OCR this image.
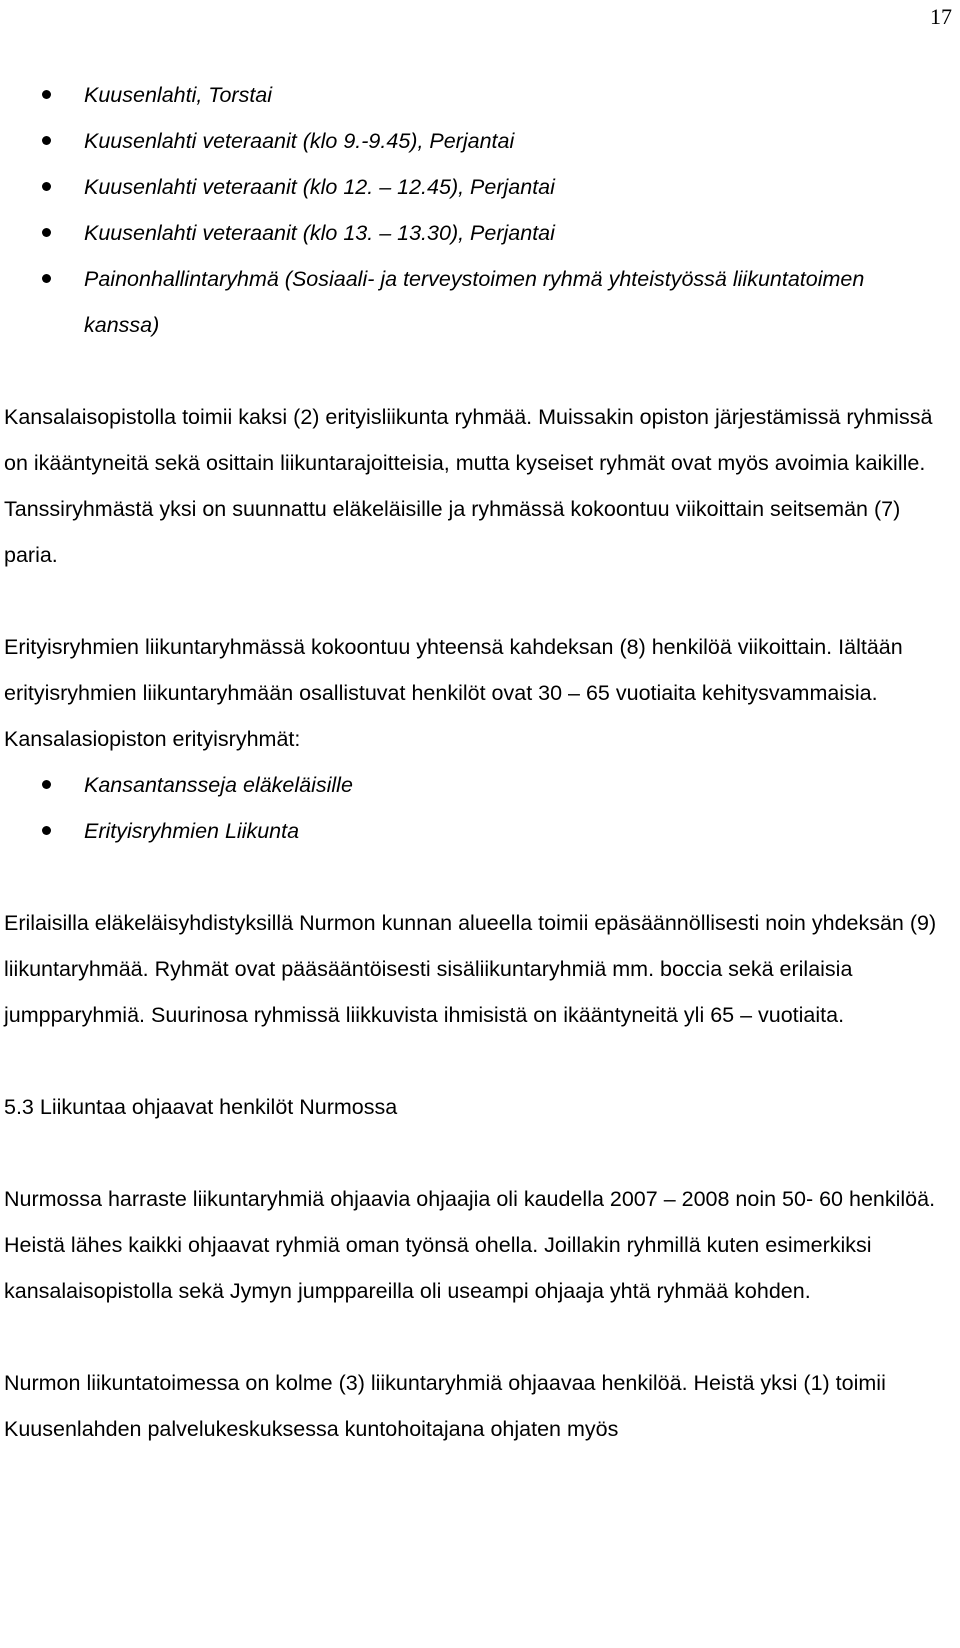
17
Kuusenlahti, Torstai
Kuusenlahti veteraanit (klo 9.-9.45), Perjantai
Kuusenlahti veteraanit (klo 12. – 12.45), Perjantai
Kuusenlahti veteraanit (klo 13. – 13.30), Perjantai
Painonhallintaryhmä (Sosiaali- ja terveystoimen ryhmä yhteistyössä liikuntatoimen kanssa)

Kansalaisopistolla toimii kaksi (2) erityisliikunta ryhmää. Muissakin opiston järjestämissä ryhmissä on ikääntyneitä sekä osittain liikuntarajoitteisia, mutta kyseiset ryhmät ovat myös avoimia kaikille. Tanssiryhmästä yksi on suunnattu eläkeläisille ja ryhmässä kokoontuu viikoittain seitsemän (7) paria.

Erityisryhmien liikuntaryhmässä kokoontuu yhteensä kahdeksan (8) henkilöä viikoittain. Iältään erityisryhmien liikuntaryhmään osallistuvat henkilöt ovat 30 – 65 vuotiaita kehitysvammaisia.

Kansalasiopiston erityisryhmät:

Kansantansseja eläkeläisille
Erityisryhmien Liikunta

Erilaisilla eläkeläisyhdistyksillä Nurmon kunnan alueella toimii epäsäännöllisesti noin yhdeksän (9) liikuntaryhmää. Ryhmät ovat pääsääntöisesti sisäliikuntaryhmiä mm. boccia sekä erilaisia jumpparyhmiä. Suurinosa ryhmissä liikkuvista ihmisistä on ikääntyneitä yli 65 – vuotiaita.

5.3 Liikuntaa ohjaavat henkilöt Nurmossa

Nurmossa harraste liikuntaryhmiä ohjaavia ohjaajia oli kaudella 2007 – 2008 noin 50- 60 henkilöä. Heistä lähes kaikki ohjaavat ryhmiä oman työnsä ohella. Joillakin ryhmillä kuten esimerkiksi kansalaisopistolla sekä Jymyn jumppareilla oli useampi ohjaaja yhtä ryhmää kohden.

Nurmon liikuntatoimessa on kolme (3) liikuntaryhmiä ohjaavaa henkilöä. Heistä yksi (1) toimii Kuusenlahden palvelukeskuksessa kuntohoitajana ohjaten myös
